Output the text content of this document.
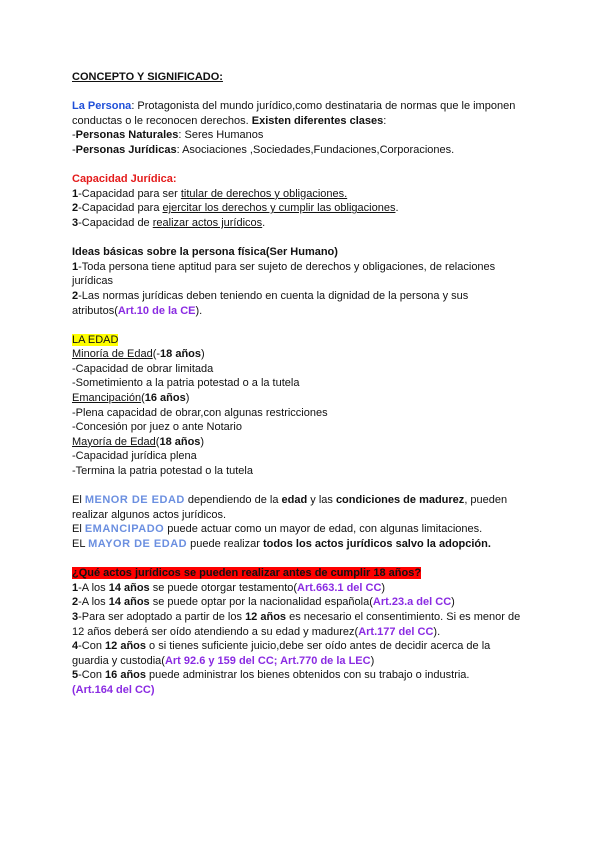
CONCEPTO Y SIGNIFICADO:
La Persona: Protagonista del mundo jurídico,como destinataria de normas que le imponen
conductas o le reconocen derechos. Existen diferentes clases:
-Personas Naturales: Seres Humanos
-Personas Jurídicas: Asociaciones ,Sociedades,Fundaciones,Corporaciones.
Capacidad Jurídica:
1-Capacidad para ser titular de derechos y obligaciones.
2-Capacidad para ejercitar los derechos y cumplir las obligaciones.
3-Capacidad de realizar actos jurídicos.
Ideas básicas sobre la persona física(Ser Humano)
1-Toda persona tiene aptitud para ser sujeto de derechos y obligaciones, de relaciones
jurídicas
2-Las normas jurídicas deben teniendo en cuenta la dignidad de la persona y sus
atributos(Art.10 de la CE).
LA EDAD
Minoría de Edad(-18 años)
-Capacidad de obrar limitada
-Sometimiento a la patria potestad o a la tutela
Emancipación(16 años)
-Plena capacidad de obrar,con algunas restricciones
-Concesión por juez o ante Notario
Mayoría de Edad(18 años)
-Capacidad jurídica plena
-Termina la patria potestad o la tutela
El MENOR DE EDAD dependiendo de la edad y las condiciones de madurez, pueden
realizar algunos actos jurídicos.
El EMANCIPADO puede actuar como un mayor de edad, con algunas limitaciones.
EL MAYOR DE EDAD puede realizar todos los actos jurídicos salvo la adopción.
¿Qué actos jurídicos se pueden realizar antes de cumplir 18 años?
1-A los 14 años se puede otorgar testamento(Art.663.1 del CC)
2-A los 14 años se puede optar por la nacionalidad española(Art.23.a del CC)
3-Para ser adoptado a partir de los 12 años es necesario el consentimiento. Si es menor de
12 años deberá ser oído atendiendo a su edad y madurez(Art.177 del CC).
4-Con 12 años o si tienes suficiente juicio,debe ser oído antes de decidir acerca de la
guardia y custodia(Art 92.6 y 159 del CC; Art.770 de la LEC)
5-Con 16 años puede administrar los bienes obtenidos con su trabajo o industria.
(Art.164 del CC)
